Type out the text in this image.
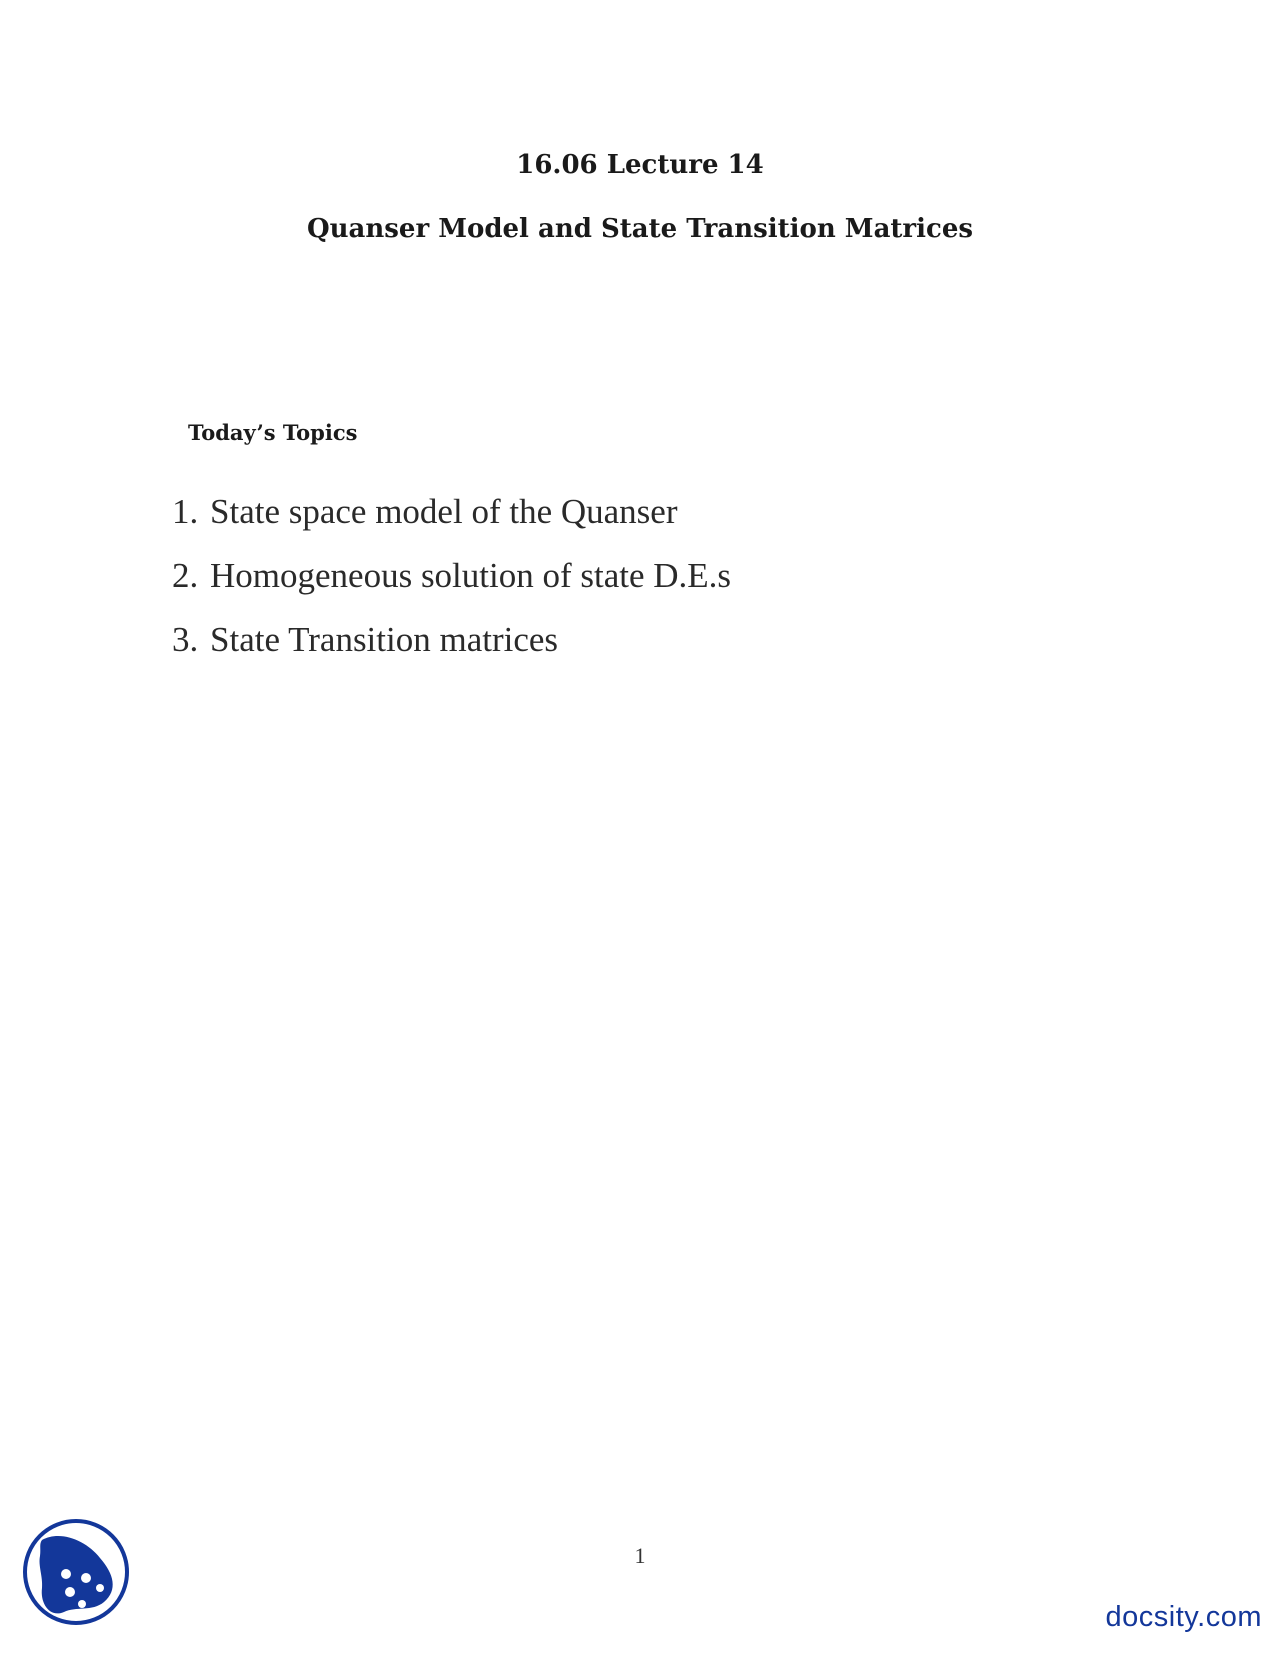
16.06 Lecture 14
Quanser Model and State Transition Matrices
Today’s Topics
1. State space model of the Quanser
2. Homogeneous solution of state D.E.s
3. State Transition matrices
1
docsity.com
